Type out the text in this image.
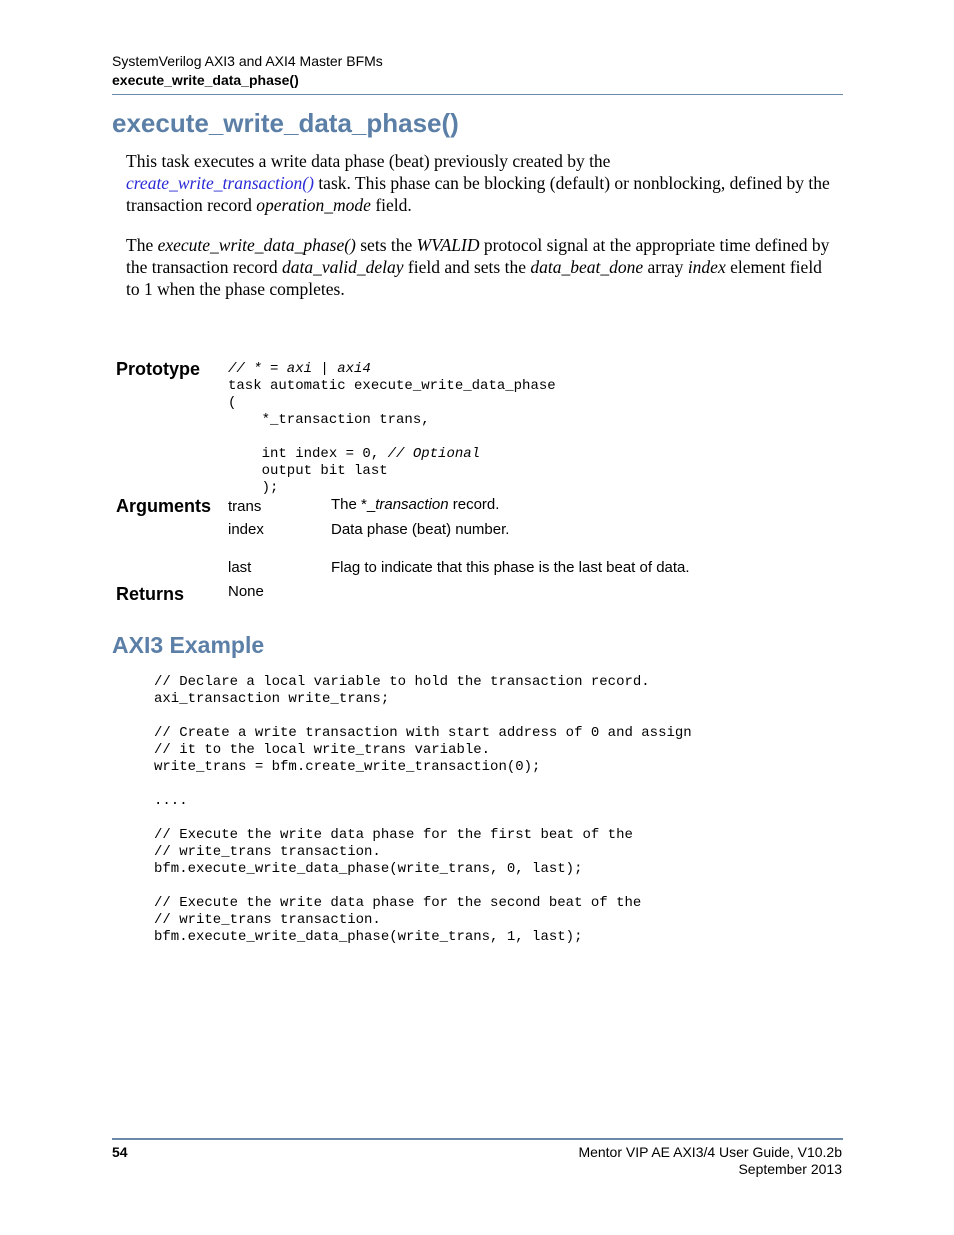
SystemVerilog AXI3 and AXI4 Master BFMs
execute_write_data_phase()
execute_write_data_phase()

This task executes a write data phase (beat) previously created by the
create_write_transaction() task. This phase can be blocking (default) or nonblocking, defined by the transaction record operation_mode field.

The execute_write_data_phase() sets the WVALID protocol signal at the appropriate time defined by the transaction record data_valid_delay field and sets the data_beat_done array index element field to 1 when the phase completes.

Prototype // * = axi | axi4
task automatic execute_write_data_phase
(
*_transaction trans,

int index = 0, // Optional
output bit last
);
Arguments trans	The *_transaction record.
index	Data phase (beat) number.
last	Flag to indicate that this phase is the last beat of data.
Returns	None
AXI3 Example
// Declare a local variable to hold the transaction record.
axi_transaction write_trans;

// Create a write transaction with start address of 0 and assign
// it to the local write_trans variable.
write_trans = bfm.create_write_transaction(0);

....

// Execute the write data phase for the first beat of the
// write_trans transaction.
bfm.execute_write_data_phase(write_trans, 0, last);

// Execute the write data phase for the second beat of the
// write_trans transaction.
bfm.execute_write_data_phase(write_trans, 1, last);
54	Mentor VIP AE AXI3/4 User Guide, V10.2b
September 2013
